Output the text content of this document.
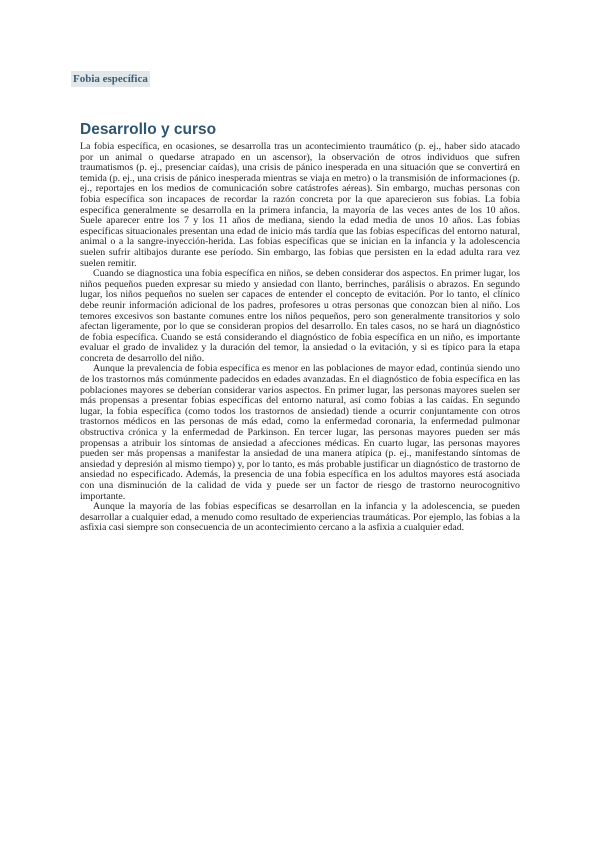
Fobia específica
Desarrollo y curso

La fobia específica, en ocasiones, se desarrolla tras un acontecimiento traumático (p. ej., haber sido atacado por un animal o quedarse atrapado en un ascensor), la observación de otros individuos que sufren traumatismos (p. ej., presenciar caídas), una crisis de pánico inesperada en una situación que se convertirá en temida (p. ej., una crisis de pánico inesperada mientras se viaja en metro) o la transmisión de informaciones (p. ej., reportajes en los medios de comunicación sobre catástrofes aéreas). Sin embargo, muchas personas con fobia específica son incapaces de recordar la razón concreta por la que aparecieron sus fobias. La fobia específica generalmente se desarrolla en la primera infancia, la mayoría de las veces antes de los 10 años. Suele aparecer entre los 7 y los 11 años de mediana, siendo la edad media de unos 10 años. Las fobias específicas situacionales presentan una edad de inicio más tardía que las fobias específicas del entorno natural, animal o a la sangre-inyección-herida. Las fobias específicas que se inician en la infancia y la adolescencia suelen sufrir altibajos durante ese período. Sin embargo, las fobias que persisten en la edad adulta rara vez suelen remitir.

Cuando se diagnostica una fobia específica en niños, se deben considerar dos aspectos. En primer lugar, los niños pequeños pueden expresar su miedo y ansiedad con llanto, berrinches, parálisis o abrazos. En segundo lugar, los niños pequeños no suelen ser capaces de entender el concepto de evitación. Por lo tanto, el clínico debe reunir información adicional de los padres, profesores u otras personas que conozcan bien al niño. Los temores excesivos son bastante comunes entre los niños pequeños, pero son generalmente transitorios y solo afectan ligeramente, por lo que se consideran propios del desarrollo. En tales casos, no se hará un diagnóstico de fobia específica. Cuando se está considerando el diagnóstico de fobia específica en un niño, es importante evaluar el grado de invalidez y la duración del temor, la ansiedad o la evitación, y si es típico para la etapa concreta de desarrollo del niño.

Aunque la prevalencia de fobia específica es menor en las poblaciones de mayor edad, continúa siendo uno de los trastornos más comúnmente padecidos en edades avanzadas. En el diagnóstico de fobia específica en las poblaciones mayores se deberían considerar varios aspectos. En primer lugar, las personas mayores suelen ser más propensas a presentar fobias específicas del entorno natural, así como fobias a las caídas. En segundo lugar, la fobia específica (como todos los trastornos de ansiedad) tiende a ocurrir conjuntamente con otros trastornos médicos en las personas de más edad, como la enfermedad coronaria, la enfermedad pulmonar obstructiva crónica y la enfermedad de Parkinson. En tercer lugar, las personas mayores pueden ser más propensas a atribuir los síntomas de ansiedad a afecciones médicas. En cuarto lugar, las personas mayores pueden ser más propensas a manifestar la ansiedad de una manera atípica (p. ej., manifestando síntomas de ansiedad y depresión al mismo tiempo) y, por lo tanto, es más probable justificar un diagnóstico de trastorno de ansiedad no especificado. Además, la presencia de una fobia específica en los adultos mayores está asociada con una disminución de la calidad de vida y puede ser un factor de riesgo de trastorno neurocognitivo importante.

Aunque la mayoría de las fobias específicas se desarrollan en la infancia y la adolescencia, se pueden desarrollar a cualquier edad, a menudo como resultado de experiencias traumáticas. Por ejemplo, las fobias a la asfixia casi siempre son consecuencia de un acontecimiento cercano a la asfixia a cualquier edad.
